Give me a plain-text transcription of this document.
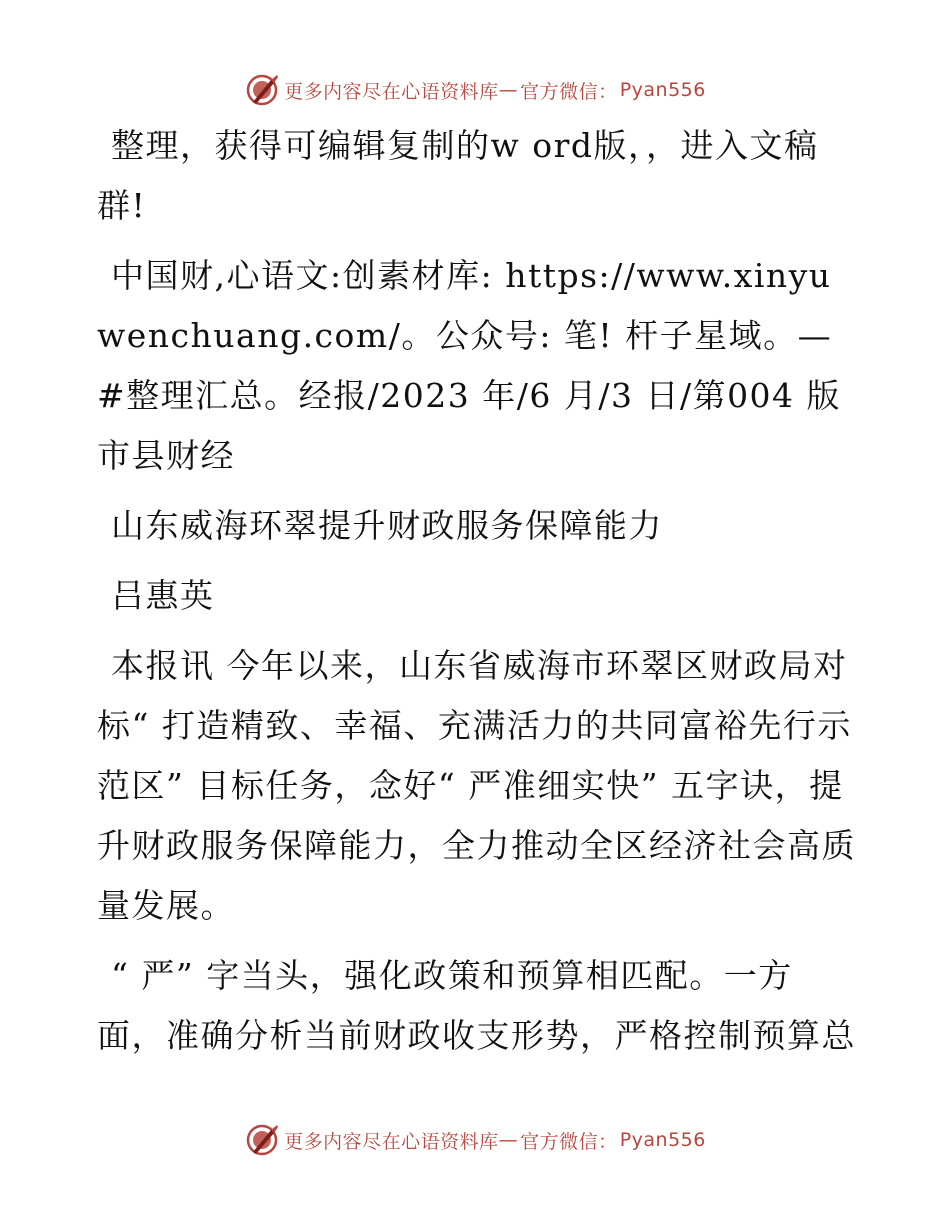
更多内容尽在心语资料库 — 官方微信： Pyan556

整理，获得可编辑复制的w ord版，，进入文稿群!

中国财,心语文:创素材库: https://www.xinyuwenchuang.com/。公众号: 笔! 杆子星域。—#整理汇总。经报/2023 年/6 月/3 日/第004 版市县财经

山东威海环翠提升财政服务保障能力

吕惠英

本报讯 今年以来，山东省威海市环翠区财政局对标“ 打造精致、幸福、充满活力的共同富裕先行示范区” 目标任务，念好“ 严准细实快” 五字诀，提升财政服务保障能力，全力推动全区经济社会高质量发展。

“ 严” 字当头，强化政策和预算相匹配。一方面，准确分析当前财政收支形势，严格控制预算总

更多内容尽在心语资料库 — 官方微信： Pyan556
